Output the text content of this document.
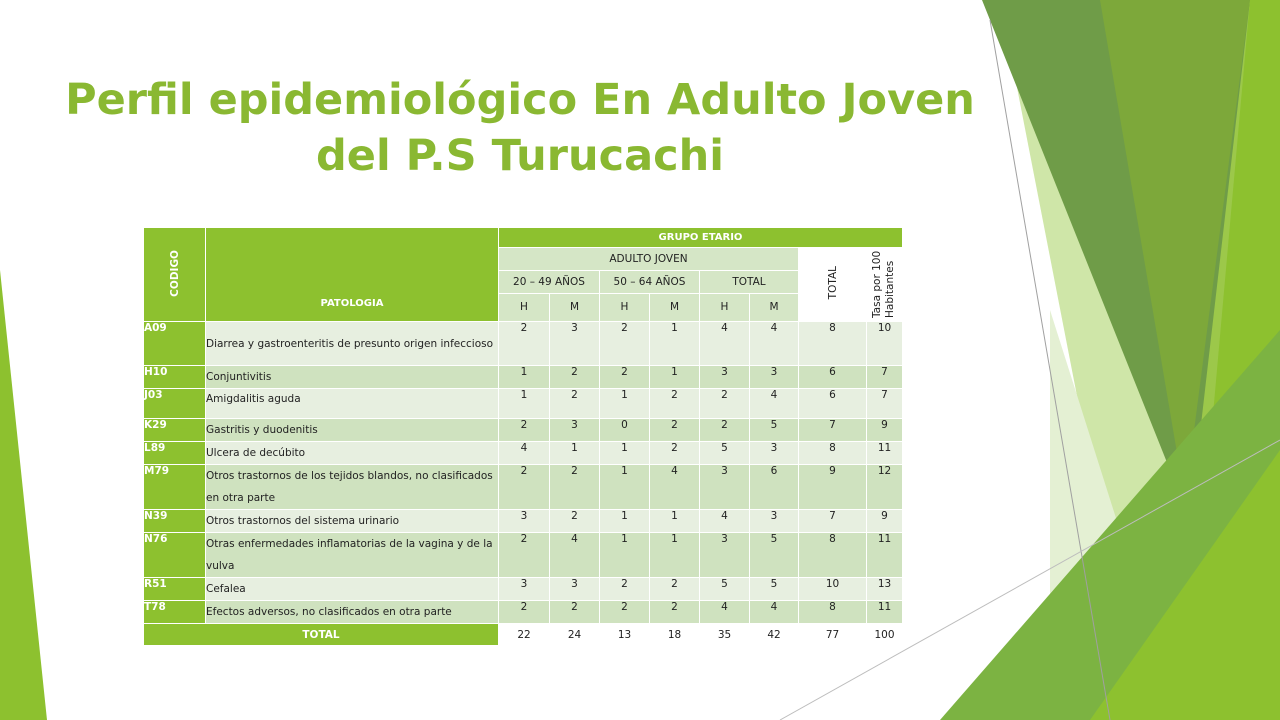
Perfil epidemiológico En Adulto Joven
del P.S Turucachi
CODIGO	PATOLOGIA	GRUPO ETARIO							
		ADULTO JOVEN						TOTAL	Tasa por 100 Habitantes
		20 – 49 AÑOS		50 – 64 AÑOS		TOTAL			
		H	M	H	M	H	M		
A09	Diarrea y gastroenteritis de presunto origen infeccioso	2	3	2	1	4	4	8	10
H10	Conjuntivitis	1	2	2	1	3	3	6	7
J03	Amigdalitis aguda	1	2	1	2	2	4	6	7
K29	Gastritis y duodenitis	2	3	0	2	2	5	7	9
L89	Ulcera de decúbito	4	1	1	2	5	3	8	11
M79	Otros trastornos de los tejidos blandos, no clasificados en otra parte	2	2	1	4	3	6	9	12
N39	Otros trastornos del sistema urinario	3	2	1	1	4	3	7	9
N76	Otras enfermedades inflamatorias de la vagina y de la vulva	2	4	1	1	3	5	8	11
R51	Cefalea	3	3	2	2	5	5	10	13
T78	Efectos adversos, no clasificados en otra parte	2	2	2	2	4	4	8	11
TOTAL		22	24	13	18	35	42	77	100
